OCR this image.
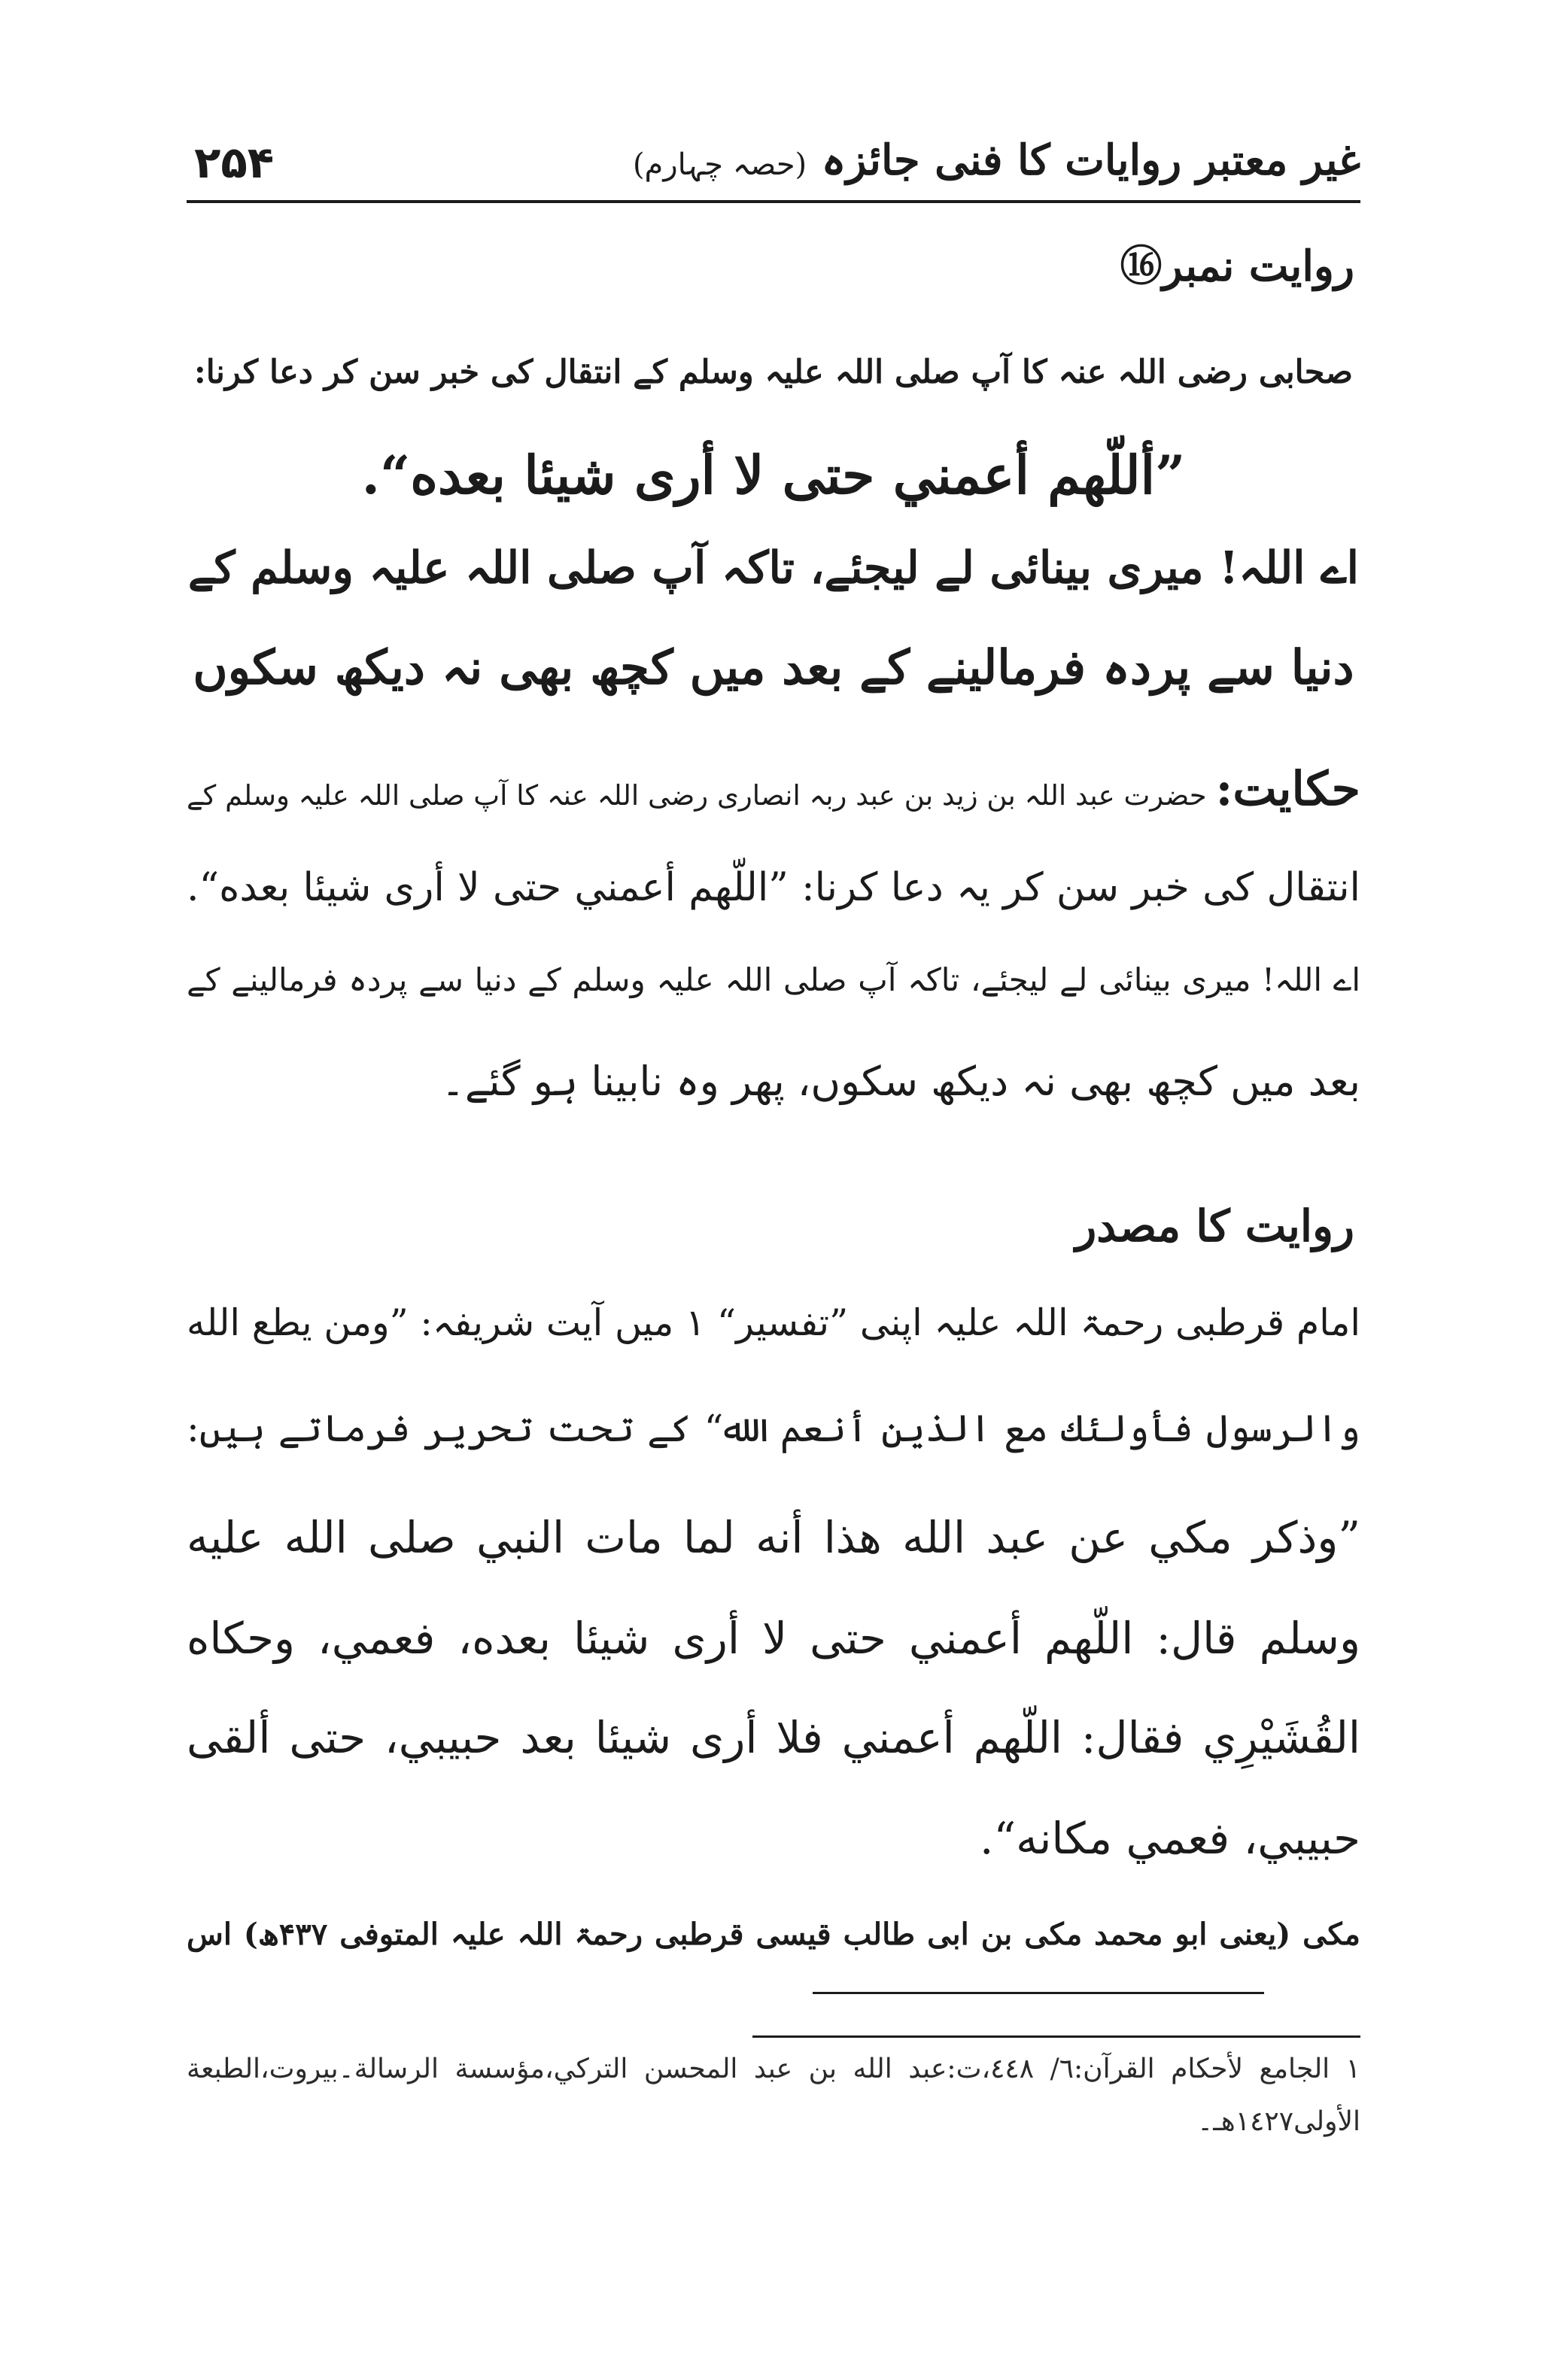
۲۵۴	غیر معتبر روایات کا فنی جائزہ (حصہ چہارم)
روایت نمبر⑯
صحابی رضی اللہ عنہ کا آپ صلی اللہ علیہ وسلم کے انتقال کی خبر سن کر دعا کرنا:
”أللّهم أعمني حتى لا أرى شيئا بعده“.
اے اللہ! میری بینائی لے لیجئے، تاکہ آپ صلی اللہ علیہ وسلم کے
دنیا سے پردہ فرمالینے کے بعد میں کچھ بھی نہ دیکھ سکوں
حکایت: حضرت عبد اللہ بن زید بن عبد ربہ انصاری رضی اللہ عنہ کا آپ صلی اللہ علیہ وسلم کے
انتقال کی خبر سن کر یہ دعا کرنا: ”اللّهم أعمني حتى لا أرى شيئا بعده“.
اے اللہ! میری بینائی لے لیجئے، تاکہ آپ صلی اللہ علیہ وسلم کے دنیا سے پردہ فرمالینے کے
بعد میں کچھ بھی نہ دیکھ سکوں، پھر وہ نابینا ہو گئے۔
روایت کا مصدر
امام قرطبی رحمۃ اللہ علیہ اپنی ”تفسیر“ ۱ میں آیت شریفہ: ”ومن يطع الله
والرسول فأولئك مع الذين أنعم الله“ کے تحت تحریر فرماتے ہیں:
”وذكر مكي عن عبد الله هذا أنه لما مات النبي صلى الله عليه
وسلم قال: اللّهم أعمني حتى لا أرى شيئا بعده، فعمي، وحكاه
القُشَيْرِي فقال: اللّهم أعمني فلا أرى شيئا بعد حبيبي، حتى ألقى
حبيبي، فعمي مكانه“.
مکی (یعنی ابو محمد مکی بن ابی طالب قیسی قرطبی رحمۃ اللہ علیہ المتوفی ۴۳۷ھ) اس
۱ الجامع لأحكام القرآن:٦/ ٤٤٨،ت:عبد الله بن عبد المحسن التركي،مؤسسة الرسالة۔بيروت،الطبعة
الأولى١٤٢٧هـ۔
